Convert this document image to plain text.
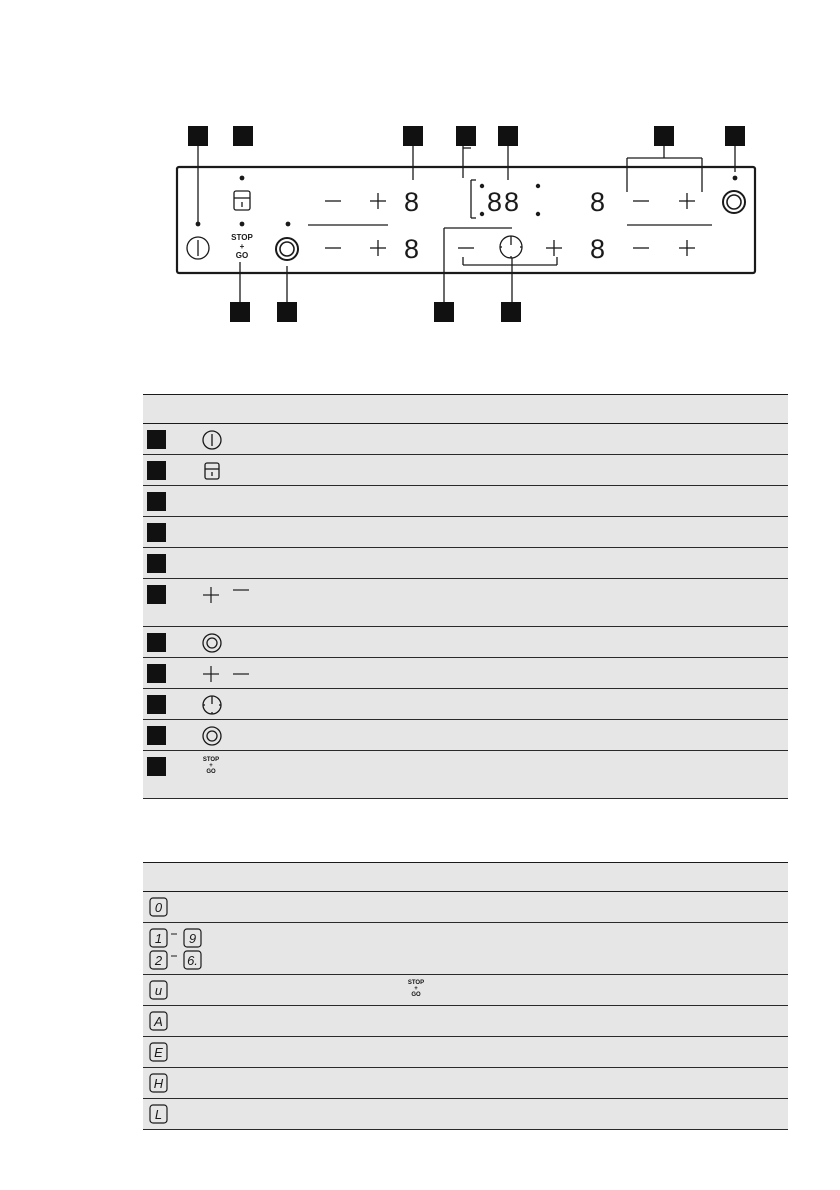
8
8
8
8
88
STOP
+
GO
STOP
+
GO
0
1 9
2 6.
u	STOP
+
GO
A
E
H
L
